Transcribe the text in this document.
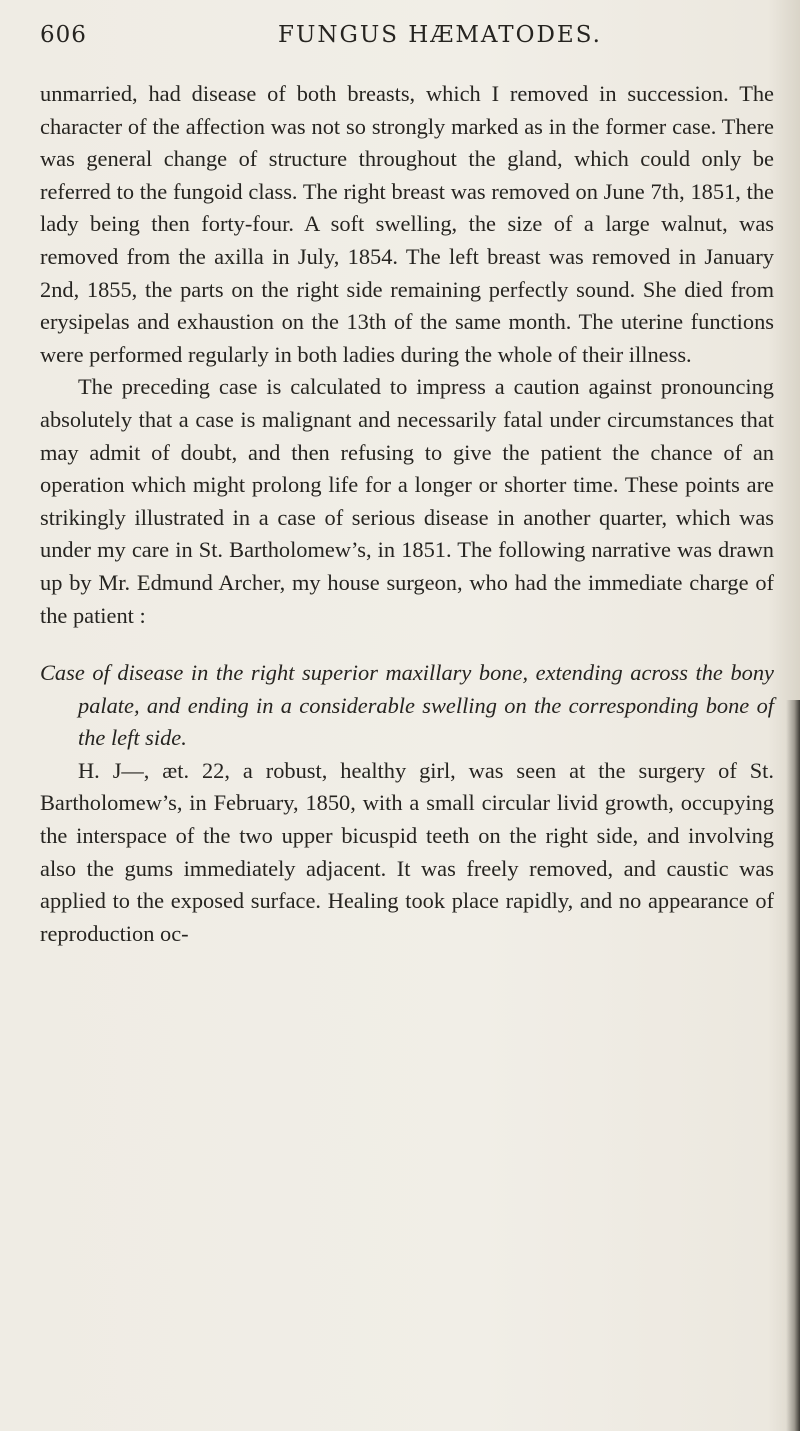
606	FUNGUS HÆMATODES.

unmarried, had disease of both breasts, which I removed in succession. The character of the affection was not so strongly marked as in the former case. There was general change of structure throughout the gland, which could only be referred to the fungoid class. The right breast was removed on June 7th, 1851, the lady being then forty-four. A soft swelling, the size of a large walnut, was removed from the axilla in July, 1854. The left breast was removed in January 2nd, 1855, the parts on the right side remaining perfectly sound. She died from erysipelas and exhaustion on the 13th of the same month. The uterine functions were performed regularly in both ladies during the whole of their illness.

The preceding case is calculated to impress a caution against pronouncing absolutely that a case is malignant and necessarily fatal under circumstances that may admit of doubt, and then refusing to give the patient the chance of an operation which might prolong life for a longer or shorter time. These points are strikingly illustrated in a case of serious disease in another quarter, which was under my care in St. Bartholomew’s, in 1851. The following narrative was drawn up by Mr. Edmund Archer, my house surgeon, who had the immediate charge of the patient :

Case of disease in the right superior maxillary bone, extending across the bony palate, and ending in a considerable swelling on the corresponding bone of the left side.

H. J—, æt. 22, a robust, healthy girl, was seen at the surgery of St. Bartholomew’s, in February, 1850, with a small circular livid growth, occupying the interspace of the two upper bicuspid teeth on the right side, and involving also the gums immediately adjacent. It was freely removed, and caustic was applied to the exposed surface. Healing took place rapidly, and no appearance of reproduction oc-
